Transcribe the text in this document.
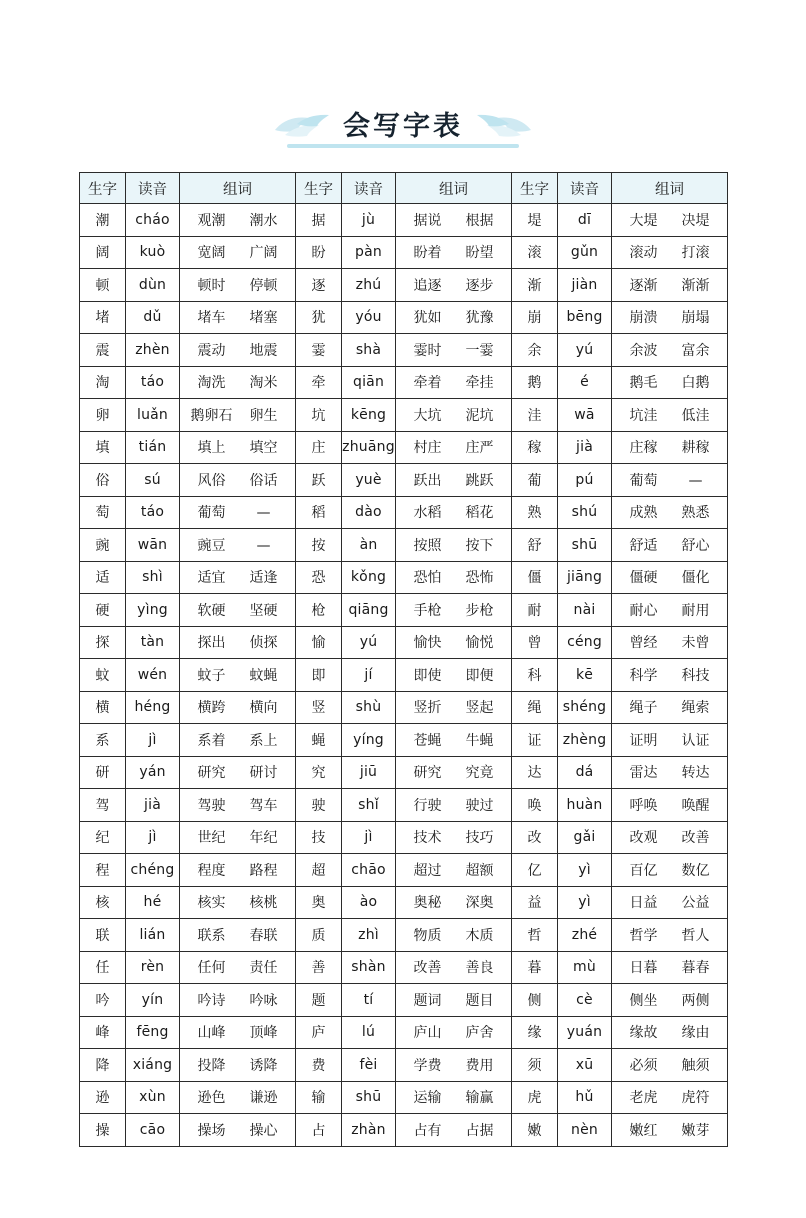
会写字表
生字	读音	组词	生字	读音	组词	生字	读音	组词
潮	cháo	观潮 潮水	据	jù	据说 根据	堤	dī	大堤 决堤
阔	kuò	宽阔 广阔	盼	pàn	盼着 盼望	滚	gǔn	滚动 打滚
顿	dùn	顿时 停顿	逐	zhú	追逐 逐步	渐	jiàn	逐渐 渐渐
堵	dǔ	堵车 堵塞	犹	yóu	犹如 犹豫	崩	bēng	崩溃 崩塌
震	zhèn	震动 地震	霎	shà	霎时 一霎	余	yú	余波 富余
淘	táo	淘洗 淘米	牵	qiān	牵着 牵挂	鹅	é	鹅毛 白鹅
卵	luǎn	鹅卵石 卵生	坑	kēng	大坑 泥坑	洼	wā	坑洼 低洼
填	tián	填上 填空	庄	zhuāng	村庄 庄严	稼	jià	庄稼 耕稼
俗	sú	风俗 俗话	跃	yuè	跃出 跳跃	葡	pú	葡萄 —
萄	táo	葡萄 —	稻	dào	水稻 稻花	熟	shú	成熟 熟悉
豌	wān	豌豆 —	按	àn	按照 按下	舒	shū	舒适 舒心
适	shì	适宜 适逢	恐	kǒng	恐怕 恐怖	僵	jiāng	僵硬 僵化
硬	yìng	软硬 坚硬	枪	qiāng	手枪 步枪	耐	nài	耐心 耐用
探	tàn	探出 侦探	愉	yú	愉快 愉悦	曾	céng	曾经 未曾
蚊	wén	蚊子 蚊蝇	即	jí	即使 即便	科	kē	科学 科技
横	héng	横跨 横向	竖	shù	竖折 竖起	绳	shéng	绳子 绳索
系	jì	系着 系上	蝇	yíng	苍蝇 牛蝇	证	zhèng	证明 认证
研	yán	研究 研讨	究	jiū	研究 究竟	达	dá	雷达 转达
驾	jià	驾驶 驾车	驶	shǐ	行驶 驶过	唤	huàn	呼唤 唤醒
纪	jì	世纪 年纪	技	jì	技术 技巧	改	gǎi	改观 改善
程	chéng	程度 路程	超	chāo	超过 超额	亿	yì	百亿 数亿
核	hé	核实 核桃	奥	ào	奥秘 深奥	益	yì	日益 公益
联	lián	联系 春联	质	zhì	物质 木质	哲	zhé	哲学 哲人
任	rèn	任何 责任	善	shàn	改善 善良	暮	mù	日暮 暮春
吟	yín	吟诗 吟咏	题	tí	题词 题目	侧	cè	侧坐 两侧
峰	fēng	山峰 顶峰	庐	lú	庐山 庐舍	缘	yuán	缘故 缘由
降	xiáng	投降 诱降	费	fèi	学费 费用	须	xū	必须 触须
逊	xùn	逊色 谦逊	输	shū	运输 输赢	虎	hǔ	老虎 虎符
操	cāo	操场 操心	占	zhàn	占有 占据	嫩	nèn	嫩红 嫩芽
